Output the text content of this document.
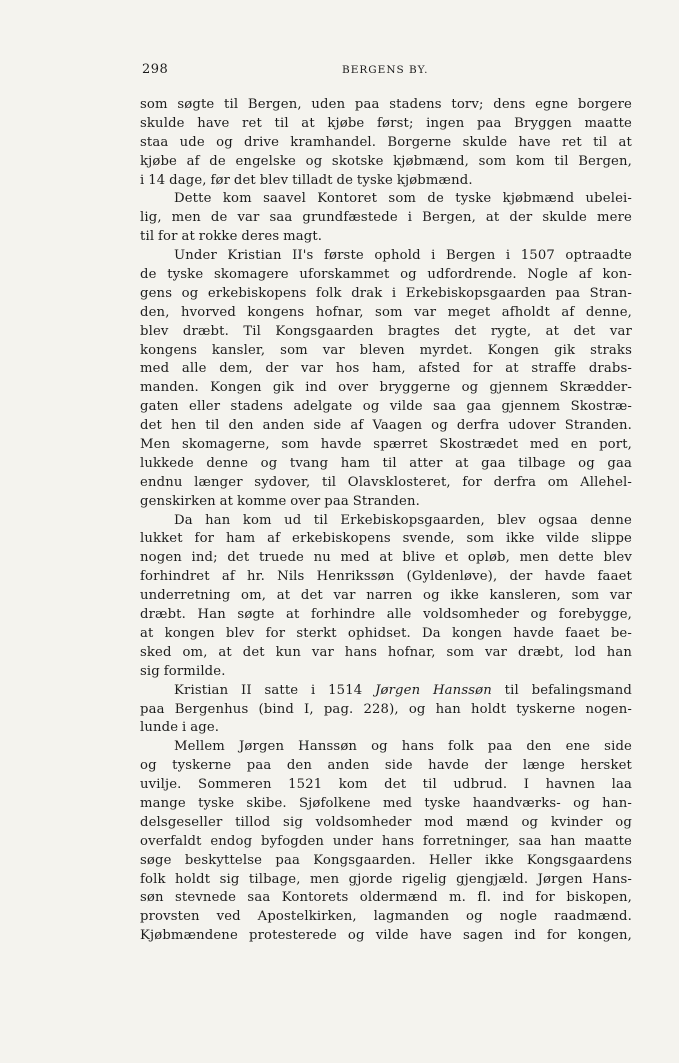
298	BERGENS BY.
som søgte til Bergen, uden paa stadens torv; dens egne borgere
skulde have ret til at kjøbe først; ingen paa Bryggen maatte
staa ude og drive kramhandel. Borgerne skulde have ret til at
kjøbe af de engelske og skotske kjøbmænd, som kom til Bergen,
i 14 dage, før det blev tilladt de tyske kjøbmænd.
Dette kom saavel Kontoret som de tyske kjøbmænd ubelei-
lig, men de var saa grundfæstede i Bergen, at der skulde mere
til for at rokke deres magt.
Under Kristian II's første ophold i Bergen i 1507 optraadte
de tyske skomagere uforskammet og udfordrende. Nogle af kon-
gens og erkebiskopens folk drak i Erkebiskopsgaarden paa Stran-
den, hvorved kongens hofnar, som var meget afholdt af denne,
blev dræbt. Til Kongsgaarden bragtes det rygte, at det var
kongens kansler, som var bleven myrdet. Kongen gik straks
med alle dem, der var hos ham, afsted for at straffe drabs-
manden. Kongen gik ind over bryggerne og gjennem Skrædder-
gaten eller stadens adelgate og vilde saa gaa gjennem Skostræ-
det hen til den anden side af Vaagen og derfra udover Stranden.
Men skomagerne, som havde spærret Skostrædet med en port,
lukkede denne og tvang ham til atter at gaa tilbage og gaa
endnu længer sydover, til Olavsklosteret, for derfra om Allehel-
genskirken at komme over paa Stranden.
Da han kom ud til Erkebiskopsgaarden, blev ogsaa denne
lukket for ham af erkebiskopens svende, som ikke vilde slippe
nogen ind; det truede nu med at blive et opløb, men dette blev
forhindret af hr. Nils Henrikssøn (Gyldenløve), der havde faaet
underretning om, at det var narren og ikke kansleren, som var
dræbt. Han søgte at forhindre alle voldsomheder og forebygge,
at kongen blev for sterkt ophidset. Da kongen havde faaet be-
sked om, at det kun var hans hofnar, som var dræbt, lod han
sig formilde.
Kristian II satte i 1514 Jørgen Hanssøn til befalingsmand
paa Bergenhus (bind I, pag. 228), og han holdt tyskerne nogen-
lunde i age.
Mellem Jørgen Hanssøn og hans folk paa den ene side
og tyskerne paa den anden side havde der længe hersket
uvilje. Sommeren 1521 kom det til udbrud. I havnen laa
mange tyske skibe. Sjøfolkene med tyske haandværks- og han-
delsgeseller tillod sig voldsomheder mod mænd og kvinder og
overfaldt endog byfogden under hans forretninger, saa han maatte
søge beskyttelse paa Kongsgaarden. Heller ikke Kongsgaardens
folk holdt sig tilbage, men gjorde rigelig gjengjæld. Jørgen Hans-
søn stevnede saa Kontorets oldermænd m. fl. ind for biskopen,
provsten ved Apostelkirken, lagmanden og nogle raadmænd.
Kjøbmændene protesterede og vilde have sagen ind for kongen,
